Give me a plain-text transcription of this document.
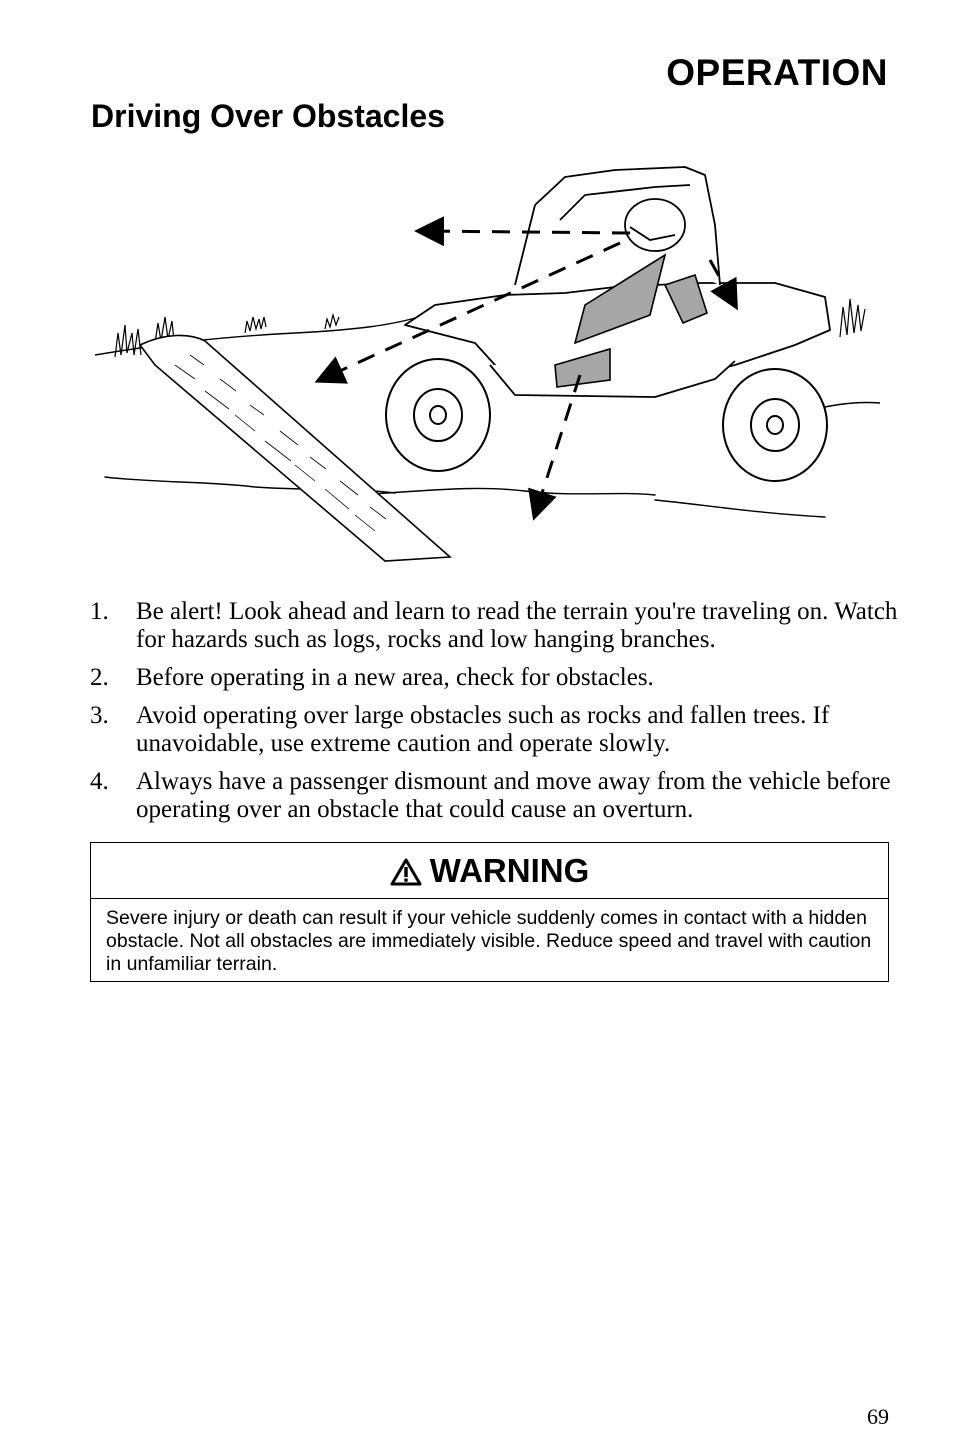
OPERATION
Driving Over Obstacles
1. Be alert! Look ahead and learn to read the terrain you're traveling on. Watch for hazards such as logs, rocks and low hanging branches.
2. Before operating in a new area, check for obstacles.
3. Avoid operating over large obstacles such as rocks and fallen trees. If unavoidable, use extreme caution and operate slowly.
4. Always have a passenger dismount and move away from the vehicle before operating over an obstacle that could cause an overturn.
WARNING
Severe injury or death can result if your vehicle suddenly comes in contact with a hidden obstacle. Not all obstacles are immediately visible. Reduce speed and travel with caution in unfamiliar terrain.
69
